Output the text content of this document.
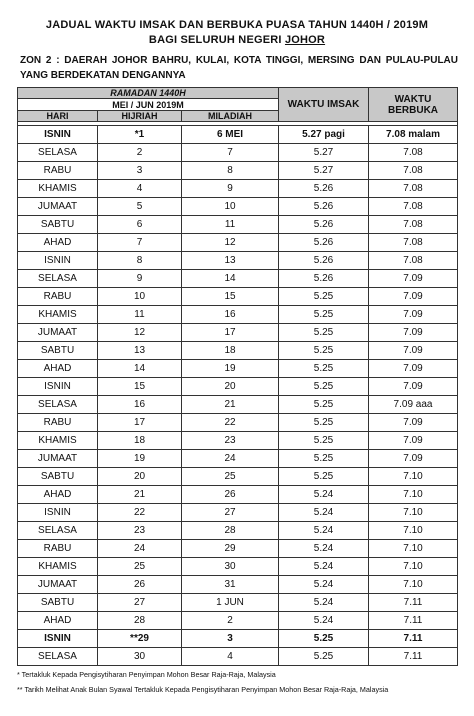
JADUAL WAKTU IMSAK DAN BERBUKA PUASA TAHUN 1440H / 2019M
BAGI SELURUH NEGERI JOHOR
ZON 2 : DAERAH JOHOR BAHRU, KULAI, KOTA TINGGI, MERSING DAN PULAU-PULAU YANG BERDEKATAN DENGANNYA
RAMADAN 1440H			WAKTU IMSAK	WAKTU BERBUKA
MEI / JUN 2019M				
HARI	HIJRIAH	MILADIAH		

ISNIN	*1	6 MEI	5.27 pagi	7.08 malam
SELASA	2	7	5.27	7.08
RABU	3	8	5.27	7.08
KHAMIS	4	9	5.26	7.08
JUMAAT	5	10	5.26	7.08
SABTU	6	11	5.26	7.08
AHAD	7	12	5.26	7.08
ISNIN	8	13	5.26	7.08
SELASA	9	14	5.26	7.09
RABU	10	15	5.25	7.09
KHAMIS	11	16	5.25	7.09
JUMAAT	12	17	5.25	7.09
SABTU	13	18	5.25	7.09
AHAD	14	19	5.25	7.09
ISNIN	15	20	5.25	7.09
SELASA	16	21	5.25	7.09 aaa
RABU	17	22	5.25	7.09
KHAMIS	18	23	5.25	7.09
JUMAAT	19	24	5.25	7.09
SABTU	20	25	5.25	7.10
AHAD	21	26	5.24	7.10
ISNIN	22	27	5.24	7.10
SELASA	23	28	5.24	7.10
RABU	24	29	5.24	7.10
KHAMIS	25	30	5.24	7.10
JUMAAT	26	31	5.24	7.10
SABTU	27	1 JUN	5.24	7.11
AHAD	28	2	5.24	7.11
ISNIN	**29	3	5.25	7.11
SELASA	30	4	5.25	7.11
* Tertakluk Kepada Pengisytiharan Penyimpan Mohon Besar Raja-Raja, Malaysia
** Tarikh Melihat Anak Bulan Syawal Tertakluk Kepada Pengisytiharan Penyimpan Mohon Besar Raja-Raja, Malaysia
